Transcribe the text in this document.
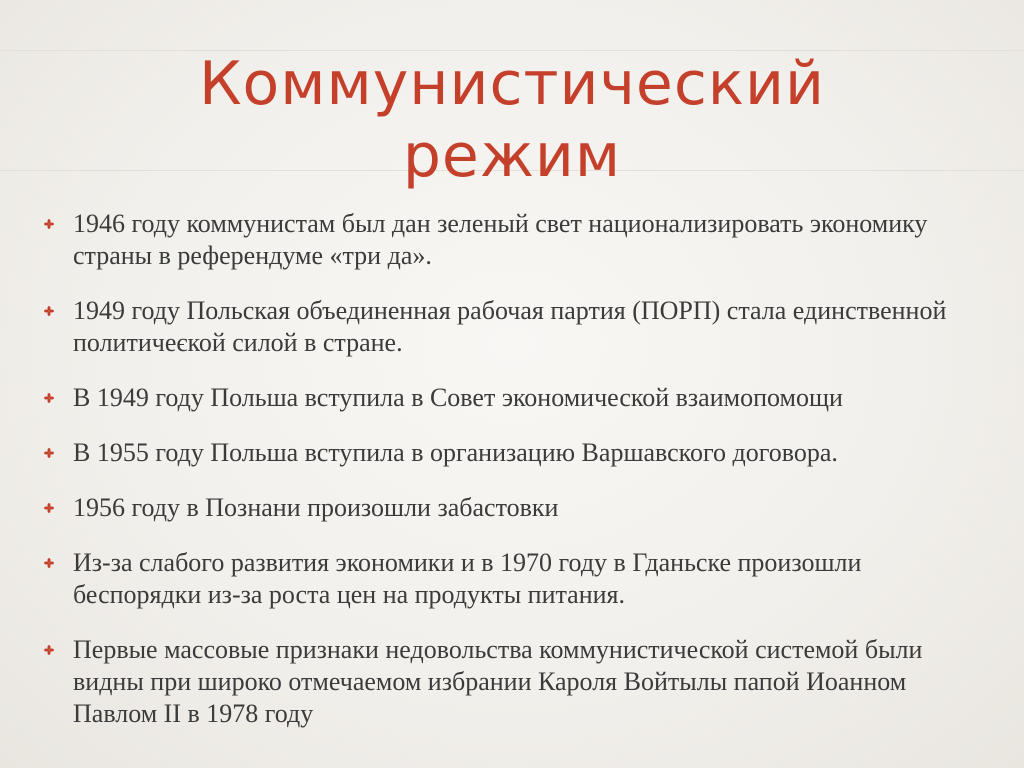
Коммунистический
режим
1946 году коммунистам был дан зеленый свет национализировать экономику страны в референдуме «три да».
1949 году Польская объединенная рабочая партия (ПОРП) стала единственной политичеєкой силой в стране.
В 1949 году Польша вступила в Совет экономической взаимопомощи
В 1955 году Польша вступила в организацию Варшавского договора.
1956 году в Познани произошли забастовки
Из-за слабого развития экономики и в 1970 году в Гданьске произошли беспорядки из-за роста цен на продукты питания.
Первые массовые признаки недовольства коммунистической системой были видны при широко отмечаемом избрании Кароля Войтылы папой Иоанном Павлом II в 1978 году
